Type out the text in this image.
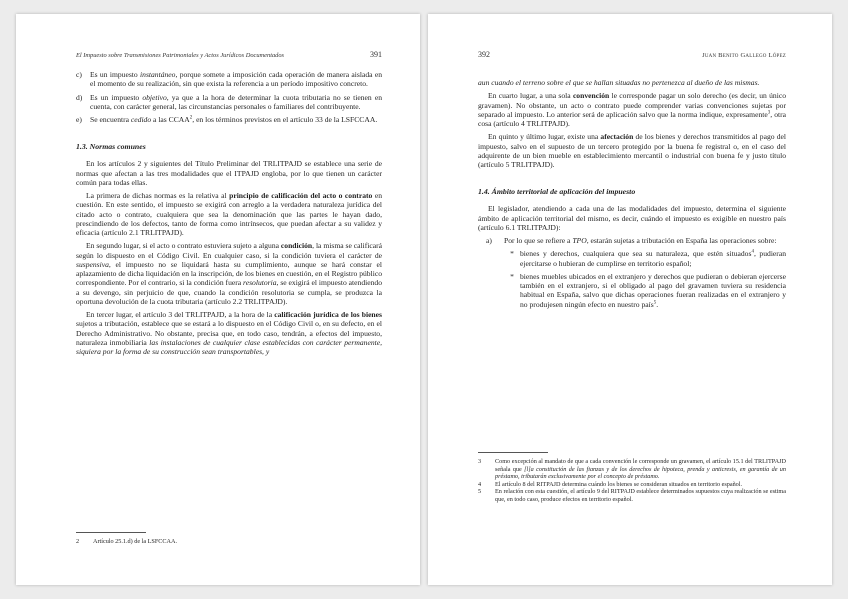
El Impuesto sobre Transmisiones Patrimoniales y Actos Jurídicos Documentados	391
c)	Es un impuesto instantáneo, porque somete a imposición cada operación de manera aislada en el momento de su realización, sin que exista la referencia a un período impositivo concreto.
d)	Es un impuesto objetivo, ya que a la hora de determinar la cuota tributaria no se tienen en cuenta, con carácter general, las circunstancias personales o familiares del contribuyente.
e)	Se encuentra cedido a las CCAA$^2$, en los términos previstos en el artículo 33 de la LSFCCAA.

1.3. Normas comunes

En los artículos 2 y siguientes del Título Preliminar del TRLITPAJD se establece una serie de normas que afectan a las tres modalidades que el ITPAJD engloba, por lo que tienen un carácter común para todas ellas.

La primera de dichas normas es la relativa al principio de calificación del acto o contrato en cuestión. En este sentido, el impuesto se exigirá con arreglo a la verdadera naturaleza jurídica del citado acto o contrato, cualquiera que sea la denominación que las partes le hayan dado, prescindiendo de los defectos, tanto de forma como intrínsecos, que puedan afectar a su validez y eficacia (artículo 2.1 TRLITPAJD).

En segundo lugar, si el acto o contrato estuviera sujeto a alguna condición, la misma se calificará según lo dispuesto en el Código Civil. En cualquier caso, si la condición tuviera el carácter de suspensiva, el impuesto no se liquidará hasta su cumplimiento, aunque se hará constar el aplazamiento de dicha liquidación en la inscripción, de los bienes en cuestión, en el Registro público correspondiente. Por el contrario, si la condición fuera resolutoria, se exigirá el impuesto atendiendo a su devengo, sin perjuicio de que, cuando la condición resolutoria se cumpla, se produzca la oportuna devolución de la cuota tributaria (artículo 2.2 TRLITPAJD).

En tercer lugar, el artículo 3 del TRLITPAJD, a la hora de la calificación jurídica de los bienes sujetos a tributación, establece que se estará a lo dispuesto en el Código Civil o, en su defecto, en el Derecho Administrativo. No obstante, precisa que, en todo caso, tendrán, a efectos del impuesto, naturaleza inmobiliaria las instalaciones de cualquier clase establecidas con carácter permanente, siquiera por la forma de su construcción sean transportables, y

2	Artículo 25.1.d) de la LSFCCAA.
392	Juan Benito Gallego López

aun cuando el terreno sobre el que se hallan situadas no pertenezca al dueño de las mismas.

En cuarto lugar, a una sola convención le corresponde pagar un solo derecho (es decir, un único gravamen). No obstante, un acto o contrato puede comprender varias convenciones sujetas por separado al impuesto. Lo anterior será de aplicación salvo que la norma indique, expresamente$^3$, otra cosa (artículo 4 TRLITPAJD).

En quinto y último lugar, existe una afectación de los bienes y derechos transmitidos al pago del impuesto, salvo en el supuesto de un tercero protegido por la buena fe registral o, en el caso del adquirente de un bien mueble en establecimiento mercantil o industrial con buena fe y justo título (artículo 5 TRLITPAJD).

1.4. Ámbito territorial de aplicación del impuesto

El legislador, atendiendo a cada una de las modalidades del impuesto, determina el siguiente ámbito de aplicación territorial del mismo, es decir, cuándo el impuesto es exigible en nuestro país (artículo 6.1 TRLITPAJD):

a)	Por lo que se refiere a TPO, estarán sujetas a tributación en España las operaciones sobre:
* bienes y derechos, cualquiera que sea su naturaleza, que estén situados$^4$, pudieran ejercitarse o hubieran de cumplirse en territorio español;
* bienes muebles ubicados en el extranjero y derechos que pudieran o debieran ejercerse también en el extranjero, si el obligado al pago del gravamen tuviera su residencia habitual en España, salvo que dichas operaciones fueran realizadas en el extranjero y no produjesen ningún efecto en nuestro país$^5$.
3	Como excepción al mandato de que a cada convención le corresponde un gravamen, el artículo 15.1 del TRLITPAJD señala que [l]a constitución de las fianzas y de los derechos de hipoteca, prenda y anticresis, en garantía de un préstamo, tributarán exclusivamente por el concepto de préstamo.
4	El artículo 8 del RITPAJD determina cuándo los bienes se consideran situados en territorio español.
5	En relación con esta cuestión, el artículo 9 del RITPAJD establece determinados supuestos cuya realización se estima que, en todo caso, produce efectos en territorio español.
